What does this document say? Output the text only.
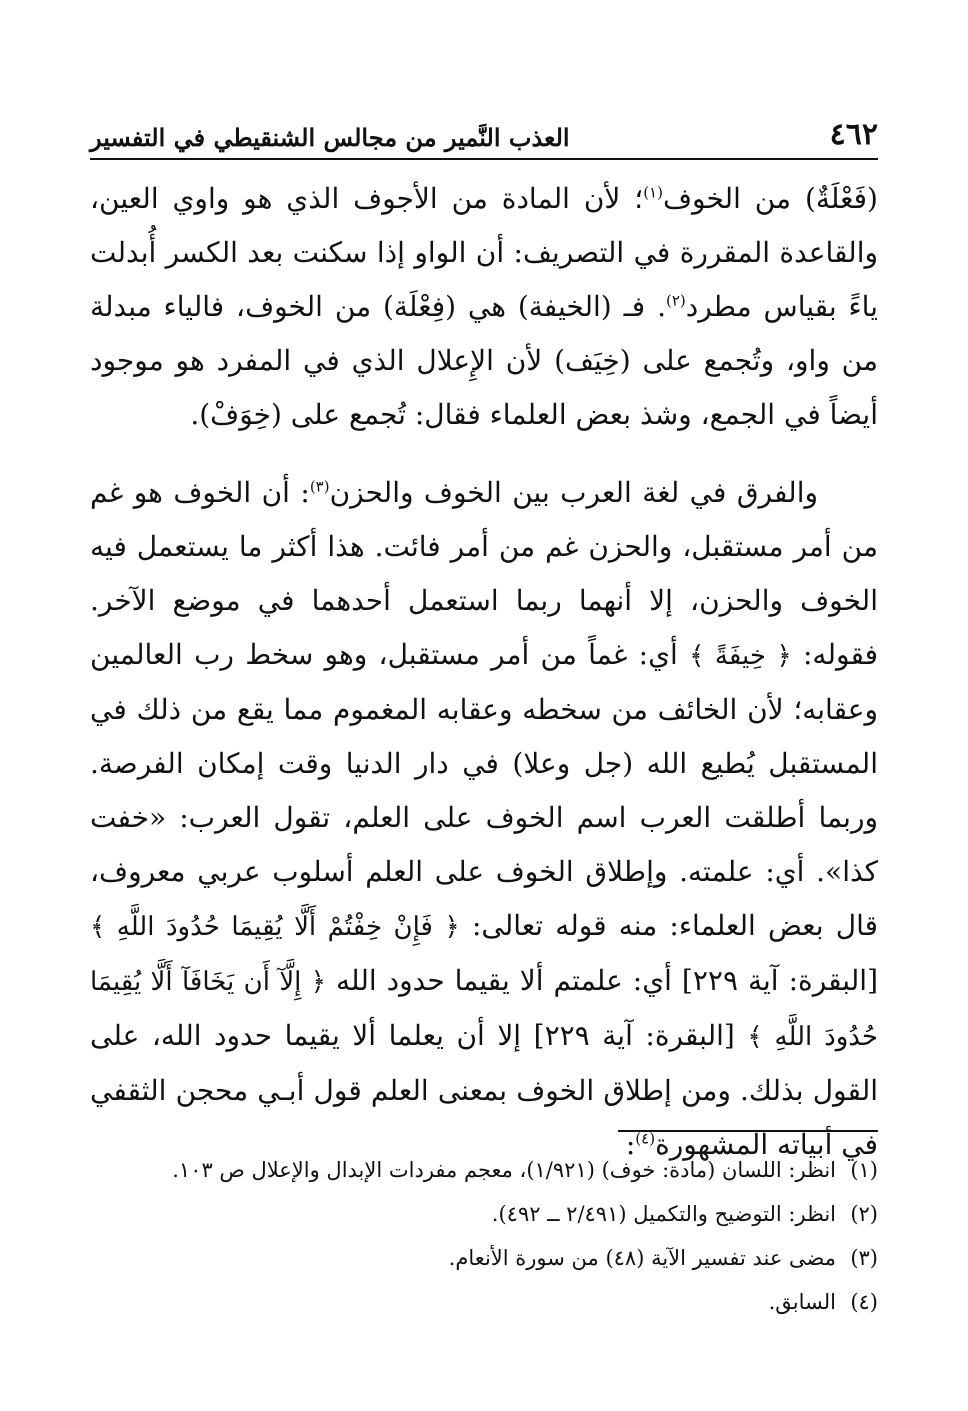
٤٦٢
العذب النَّمير من مجالس الشنقيطي في التفسير

(فَعْلَةٌ) من الخوف$^{(١)}$؛ لأن المادة من الأجوف الذي هو واوي العين، والقاعدة المقررة في التصريف: أن الواو إذا سكنت بعد الكسر أُبدلت ياءً بقياس مطرد$^{(٢)}$. فـ (الخيفة) هي (فِعْلَة) من الخوف، فالياء مبدلة من واو، وتُجمع على (خِيَف) لأن الإِعلال الذي في المفرد هو موجود أيضاً في الجمع، وشذ بعض العلماء فقال: تُجمع على (خِوَفْ).

والفرق في لغة العرب بين الخوف والحزن$^{(٣)}$: أن الخوف هو غم من أمر مستقبل، والحزن غم من أمر فائت. هذا أكثر ما يستعمل فيه الخوف والحزن، إلا أنهما ربما استعمل أحدهما في موضع الآخر. فقوله: ﴿ خِيفَةً ﴾ أي: غماً من أمر مستقبل، وهو سخط رب العالمين وعقابه؛ لأن الخائف من سخطه وعقابه المغموم مما يقع من ذلك في المستقبل يُطيع الله (جل وعلا) في دار الدنيا وقت إمكان الفرصة. وربما أطلقت العرب اسم الخوف على العلم، تقول العرب: «خفت كذا». أي: علمته. وإطلاق الخوف على العلم أسلوب عربي معروف، قال بعض العلماء: منه قوله تعالى: ﴿ فَإِنْ خِفْتُمْ أَلَّا يُقِيمَا حُدُودَ اللَّهِ ﴾ [البقرة: آية ٢٢٩] أي: علمتم ألا يقيما حدود الله ﴿ إِلَّآ أَن يَخَافَآ أَلَّا يُقِيمَا حُدُودَ اللَّهِ ﴾ [البقرة: آية ٢٢٩] إلا أن يعلما ألا يقيما حدود الله، على القول بذلك. ومن إطلاق الخوف بمعنى العلم قول أبـي محجن الثقفي في أبياته المشهورة$^{(٤)}$:

(١)
انظر: اللسان (مادة: خوف) (١/٩٢١)، معجم مفردات الإبدال والإعلال ص ١٠٣.
(٢)
انظر: التوضيح والتكميل (٢/٤٩١ ــ ٤٩٢).
(٣)
مضى عند تفسير الآية (٤٨) من سورة الأنعام.
(٤)
السابق.
